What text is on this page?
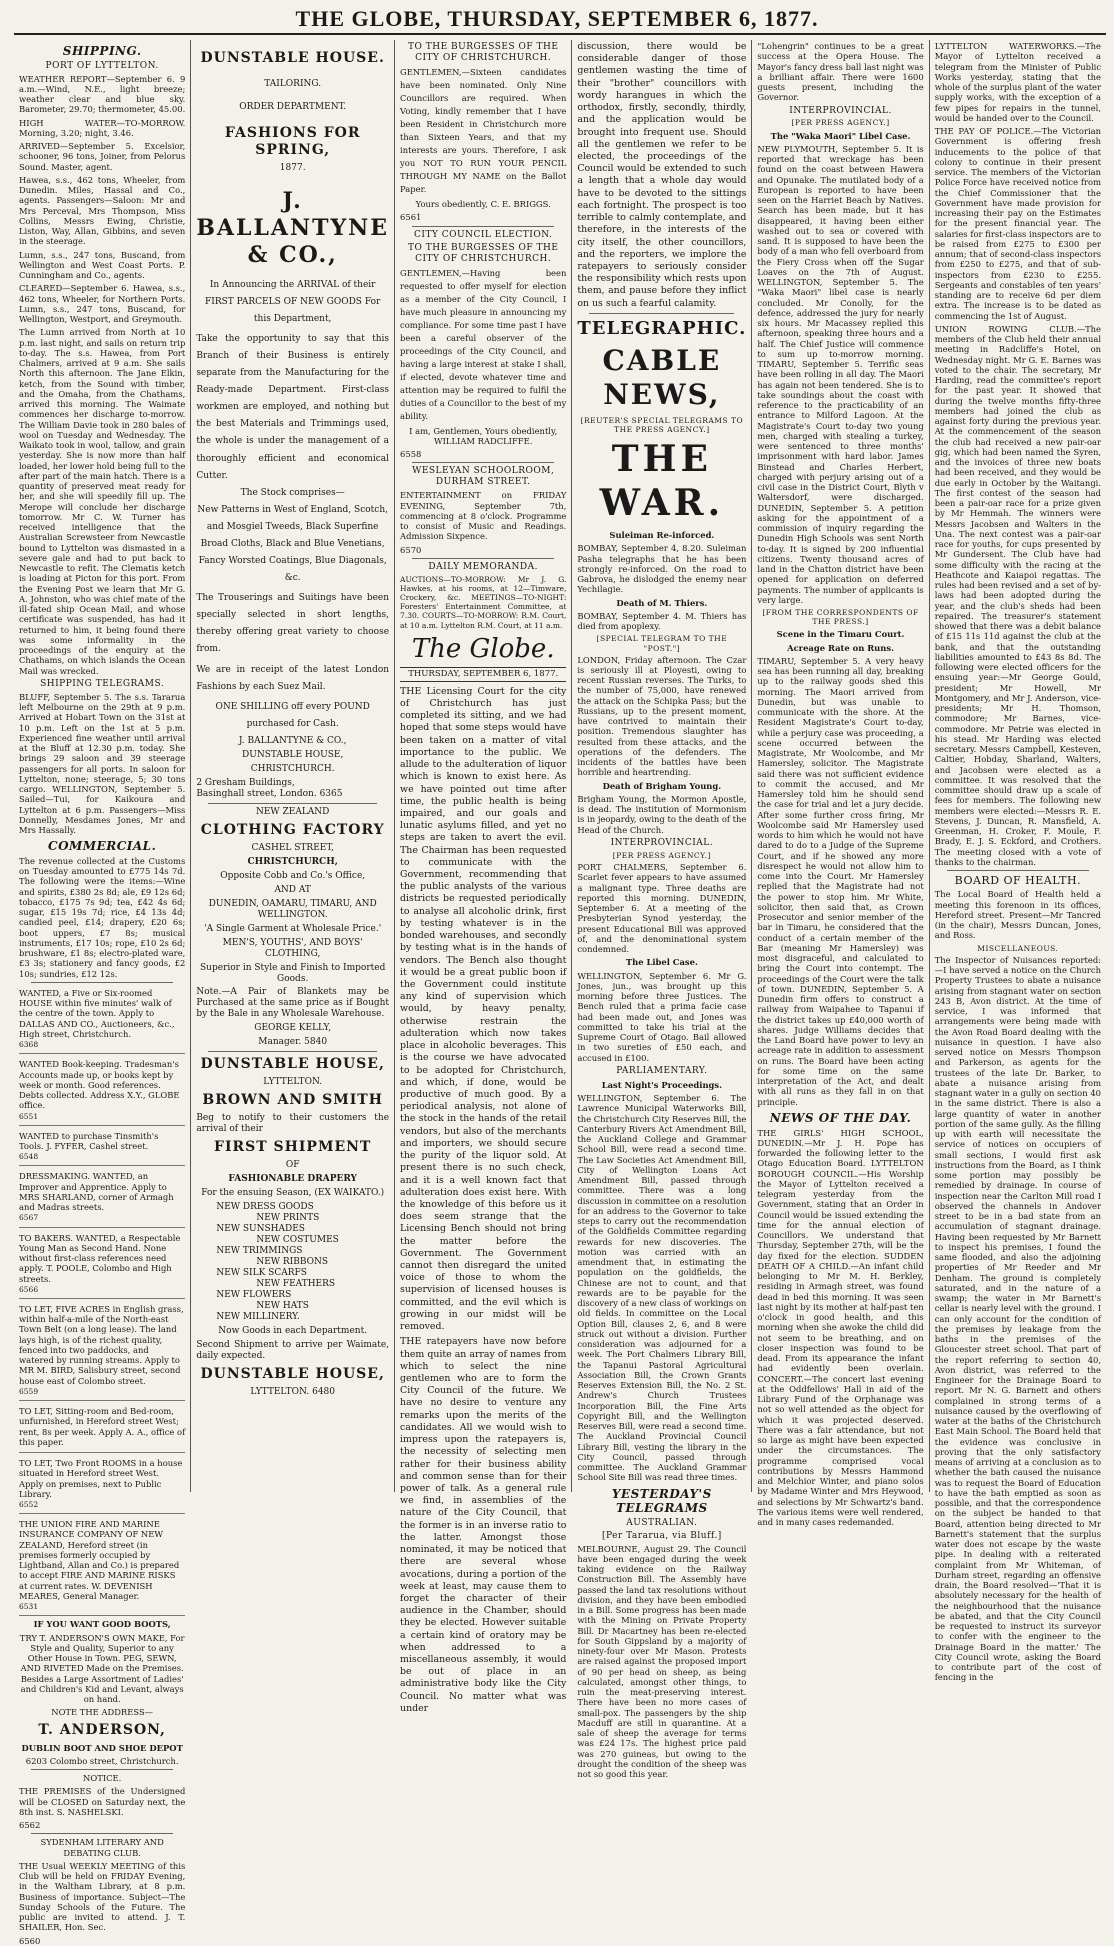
THE GLOBE, THURSDAY, SEPTEMBER 6, 1877.
SHIPPING.
PORT OF LYTTELTON.

WEATHER REPORT—September 6. 9 a.m.—Wind, N.E., light breeze; weather clear and blue sky. Barometer, 29.70; thermometer, 45.00.

HIGH WATER—TO-MORROW. Morning, 3.20; night, 3.46.

ARRIVED—September 5. Excelsior, schooner, 96 tons, Joiner, from Pelorus Sound. Master, agent.

Hawea, s.s., 462 tons, Wheeler, from Dunedin. Miles, Hassal and Co., agents. Passengers—Saloon: Mr and Mrs Perceval, Mrs Thompson, Miss Collins, Messrs Ewing, Christie, Liston, Way, Allan, Gibbins, and seven in the steerage.

Lumn, s.s., 247 tons, Buscand, from Wellington and West Coast Ports. P. Cunningham and Co., agents.

CLEARED—September 6. Hawea, s.s., 462 tons, Wheeler, for Northern Ports. Lumn, s.s., 247 tons, Buscand, for Wellington, Westport, and Greymouth.

The Lumn arrived from North at 10 p.m. last night, and sails on return trip to-day. The s.s. Hawea, from Port Chalmers, arrived at 9 a.m. She sails North this afternoon. The Jane Elkin, ketch, from the Sound with timber, and the Omaha, from the Chathams, arrived this morning. The Waimate commences her discharge to-morrow. The William Davie took in 280 bales of wool on Tuesday and Wednesday. The Waikato took in wool, tallow, and grain yesterday. She is now more than half loaded, her lower hold being full to the after part of the main hatch. There is a quantity of preserved meat ready for her, and she will speedily fill up. The Merope will conclude her discharge tomorrow. Mr C. W. Turner has received intelligence that the Australian Screwsteer from Newcastle bound to Lyttelton was dismasted in a severe gale and had to put back to Newcastle to refit. The Clematis ketch is loading at Picton for this port. From the Evening Post we learn that Mr G. A. Johnston, who was chief mate of the ill-fated ship Ocean Mail, and whose certificate was suspended, has had it returned to him, it being found there was some informality in the proceedings of the enquiry at the Chathams, on which islands the Ocean Mail was wrecked.

SHIPPING TELEGRAMS.

BLUFF, September 5. The s.s. Tararua left Melbourne on the 29th at 9 p.m. Arrived at Hobart Town on the 31st at 10 p.m. Left on the 1st at 5 p.m. Experienced fine weather until arrival at the Bluff at 12.30 p.m. today. She brings 29 saloon and 39 steerage passengers for all ports. In saloon for Lyttelton, none; steerage, 5; 30 tons cargo. WELLINGTON, September 5. Sailed—Tui, for Kaikoura and Lyttelton at 6 p.m. Passengers—Miss Donnelly, Mesdames Jones, Mr and Mrs Hassally.

COMMERCIAL.

The revenue collected at the Customs on Tuesday amounted to £775 14s 7d. The following were the items:—Wine and spirits, £380 2s 8d; ale, £9 12s 6d; tobacco, £175 7s 9d; tea, £42 4s 6d; sugar, £15 19s 7d; rice, £4 13s 4d; candied peel, £14; drapery, £20 6s; boot uppers, £7 8s; musical instruments, £17 10s; rope, £10 2s 6d; brushware, £1 8s; electro-plated ware, £3 3s; stationery and fancy goods, £2 10s; sundries, £12 12s.

WANTED, a Five or Six-roomed HOUSE within five minutes' walk of the centre of the town. Apply to DALLAS AND CO., Auctioneers, &c., High street, Christchurch.
6368
WANTED Book-keeping. Tradesman's Accounts made up, or books kept by week or month. Good references. Debts collected. Address X.Y., GLOBE office.
6551
WANTED to purchase Tinsmith's Tools. J. FYFER, Cashel street.
6548
DRESSMAKING. WANTED, an Improver and Apprentice. Apply to MRS SHARLAND, corner of Armagh and Madras streets.
6567
TO BAKERS. WANTED, a Respectable Young Man as Second Hand. None without first-class references need apply. T. POOLE, Colombo and High streets.
6566
TO LET, FIVE ACRES in English grass, within half-a-mile of the North-east Town Belt (on a long lease). The land lays high, is of the richest quality, fenced into two paddocks, and watered by running streams. Apply to MR M. BIRD, Salisbury street, second house east of Colombo street.
6559
TO LET, Sitting-room and Bed-room, unfurnished, in Hereford street West; rent, 8s per week. Apply A. A., office of this paper.
TO LET, Two Front ROOMS in a house situated in Hereford street West. Apply on premises, next to Public Library.
6552
THE UNION FIRE AND MARINE INSURANCE COMPANY OF NEW ZEALAND, Hereford street (in premises formerly occupied by Lightband, Allan and Co.) is prepared to accept FIRE AND MARINE RISKS at current rates. W. DEVENISH MEARES, General Manager.
6531
IF YOU WANT GOOD BOOTS,

TRY T. ANDERSON'S OWN MAKE, For Style and Quality, Superior to any Other House in Town. PEG, SEWN, AND RIVETED Made on the Premises. Besides a Large Assortment of Ladies' and Children's Kid and Levant, always on hand.

NOTE THE ADDRESS—
T. ANDERSON,
DUBLIN BOOT AND SHOE DEPOT
6203 Colombo street, Christchurch.
NOTICE.

THE PREMISES of the Undersigned will be CLOSED on Saturday next, the 8th inst. S. NASHELSKI.

6562
SYDENHAM LITERARY AND DEBATING CLUB.

THE Usual WEEKLY MEETING of this Club will be held on FRIDAY Evening, in the Waltham Library, at 8 p.m. Business of importance. Subject—The Sunday Schools of the Future. The public are invited to attend. J. T. SHAILER, Hon. Sec.

6560
DUNSTABLE HOUSE.
TAILORING.
ORDER DEPARTMENT.
FASHIONS FOR SPRING,
1877.
J. BALLANTYNE & CO.,

In Announcing the ARRIVAL of their FIRST PARCELS OF NEW GOODS For this Department,

Take the opportunity to say that this Branch of their Business is entirely separate from the Manufacturing for the Ready-made Department. First-class workmen are employed, and nothing but the best Materials and Trimmings used, the whole is under the management of a thoroughly efficient and economical Cutter.

The Stock comprises—

New Patterns in West of England, Scotch, and Mosgiel Tweeds, Black Superfine Broad Cloths, Black and Blue Venetians, Fancy Worsted Coatings, Blue Diagonals, &c.

The Trouserings and Suitings have been specially selected in short lengths, thereby offering great variety to choose from.

We are in receipt of the latest London Fashions by each Suez Mail.

ONE SHILLING off every POUND purchased for Cash.

J. BALLANTYNE & CO.,
DUNSTABLE HOUSE,
CHRISTCHURCH.
2 Gresham Buildings,
Basinghall street, London. 6365
NEW ZEALAND
CLOTHING FACTORY
CASHEL STREET,
CHRISTCHURCH,
Opposite Cobb and Co.'s Office,
AND AT
DUNEDIN, OAMARU, TIMARU, AND WELLINGTON.
'A Single Garment at Wholesale Price.'
MEN'S, YOUTHS', AND BOYS' CLOTHING,
Superior in Style and Finish to Imported Goods.

Note.—A Pair of Blankets may be Purchased at the same price as if Bought by the Bale in any Wholesale Warehouse.

GEORGE KELLY,
Manager. 5840
DUNSTABLE HOUSE,
LYTTELTON.
BROWN AND SMITH

Beg to notify to their customers the arrival of their

FIRST SHIPMENT
OF
FASHIONABLE DRAPERY
For the ensuing Season, (EX WAIKATO.)
NEW DRESS GOODS
NEW PRINTS
NEW SUNSHADES
NEW COSTUMES
NEW TRIMMINGS
NEW RIBBONS
NEW SILK SCARFS
NEW FEATHERS
NEW FLOWERS
NEW HATS
NEW MILLINERY.
Now Goods in each Department.

Second Shipment to arrive per Waimate, daily expected.

DUNSTABLE HOUSE,
LYTTELTON. 6480
TO THE BURGESSES OF THE CITY OF CHRISTCHURCH.

GENTLEMEN,—Sixteen candidates have been nominated. Only Nine Councillors are required. When Voting, kindly remember that I have been Resident in Christchurch more than Sixteen Years, and that my interests are yours. Therefore, I ask you NOT TO RUN YOUR PENCIL THROUGH MY NAME on the Ballot Paper.

Yours obediently, C. E. BRIGGS.

6561
CITY COUNCIL ELECTION.
TO THE BURGESSES OF THE CITY OF CHRISTCHURCH.

GENTLEMEN,—Having been requested to offer myself for election as a member of the City Council, I have much pleasure in announcing my compliance. For some time past I have been a careful observer of the proceedings of the City Council, and having a large interest at stake I shall, if elected, devote whatever time and attention may be required to fulfil the duties of a Councillor to the best of my ability.

I am, Gentlemen, Yours obediently, WILLIAM RADCLIFFE.

6558
WESLEYAN SCHOOLROOM, DURHAM STREET.

ENTERTAINMENT on FRIDAY EVENING, September 7th, commencing at 8 o'clock. Programme to consist of Music and Readings. Admission Sixpence.

6570
DAILY MEMORANDA.

AUCTIONS—TO-MORROW: Mr J. G. Hawkes, at his rooms, at 12—Timware, Crockery, &c. MEETINGS—TO-NIGHT: Foresters' Entertainment Committee, at 7.30. COURTS—TO-MORROW: R.M. Court, at 10 a.m. Lyttelton R.M. Court, at 11 a.m.

The Globe.
THURSDAY, SEPTEMBER 6, 1877.

THE Licensing Court for the city of Christchurch has just completed its sitting, and we had hoped that some steps would have been taken on a matter of vital importance to the public. We allude to the adulteration of liquor which is known to exist here. As we have pointed out time after time, the public health is being impaired, and our goals and lunatic asylums filled, and yet no steps are taken to avert the evil. The Chairman has been requested to communicate with the Government, recommending that the public analysts of the various districts be requested periodically to analyse all alcoholic drink, first by testing whatever is in the bonded warehouses, and secondly by testing what is in the hands of vendors. The Bench also thought it would be a great public boon if the Government could institute any kind of supervision which would, by heavy penalty, otherwise restrain the adulteration which now takes place in alcoholic beverages. This is the course we have advocated to be adopted for Christchurch, and which, if done, would be productive of much good. By a periodical analysis, not alone of the stock in the hands of the retail vendors, but also of the merchants and importers, we should secure the purity of the liquor sold. At present there is no such check, and it is a well known fact that adulteration does exist here. With the knowledge of this before us it does seem strange that the Licensing Bench should not bring the matter before the Government. The Government cannot then disregard the united voice of those to whom the supervision of licensed houses is committed, and the evil which is growing in our midst will be removed.

THE ratepayers have now before them quite an array of names from which to select the nine gentlemen who are to form the City Council of the future. We have no desire to venture any remarks upon the merits of the candidates. All we would wish to impress upon the ratepayers is, the necessity of selecting men rather for their business ability and common sense than for their power of talk. As a general rule we find, in assemblies of the nature of the City Council, that the former is in an inverse ratio to the latter. Amongst those nominated, it may be noticed that there are several whose avocations, during a portion of the week at least, may cause them to forget the character of their audience in the Chamber, should they be elected. However suitable a certain kind of oratory may be when addressed to a miscellaneous assembly, it would be out of place in an administrative body like the City Council. No matter what was under

discussion, there would be considerable danger of those gentlemen wasting the time of their "brother" councillors with wordy harangues in which the orthodox, firstly, secondly, thirdly, and the application would be brought into frequent use. Should all the gentlemen we refer to be elected, the proceedings of the Council would be extended to such a length that a whole day would have to be devoted to the sittings each fortnight. The prospect is too terrible to calmly contemplate, and therefore, in the interests of the city itself, the other councillors, and the reporters, we implore the ratepayers to seriously consider the responsibility which rests upon them, and pause before they inflict on us such a fearful calamity.

TELEGRAPHIC.
CABLE NEWS,
[REUTER'S SPECIAL TELEGRAMS TO THE PRESS AGENCY.]
THE WAR.
Suleiman Re-inforced.

BOMBAY, September 4, 8.20. Suleiman Pasha telegraphs that he has been strongly re-inforced. On the road to Gabrova, he dislodged the enemy near Yechilagie.

Death of M. Thiers.

BOMBAY, September 4. M. Thiers has died from apoplexy.

[SPECIAL TELEGRAM TO THE "POST."]

LONDON, Friday afternoon. The Czar is seriously ill at Ployesti, owing to recent Russian reverses. The Turks, to the number of 75,000, have renewed the attack on the Schipka Pass; but the Russians, up to the present moment, have contrived to maintain their position. Tremendous slaughter has resulted from these attacks, and the operations of the defenders. The incidents of the battles have been horrible and heartrending.

Death of Brigham Young.

Brigham Young, the Mormon Apostle, is dead. The institution of Mormonism is in jeopardy, owing to the death of the Head of the Church.

INTERPROVINCIAL.
[PER PRESS AGENCY.]

PORT CHALMERS, September 6. Scarlet fever appears to have assumed a malignant type. Three deaths are reported this morning. DUNEDIN, September 6. At a meeting of the Presbyterian Synod yesterday, the present Educational Bill was approved of, and the denominational system condemned.

The Libel Case.

WELLINGTON, September 6. Mr G. Jones, jun., was brought up this morning before three Justices. The Bench ruled that a prima facie case had been made out, and Jones was committed to take his trial at the Supreme Court of Otago. Bail allowed in two sureties of £50 each, and accused in £100.

PARLIAMENTARY.
Last Night's Proceedings.

WELLINGTON, September 6. The Lawrence Municipal Waterworks Bill, the Christchurch City Reserves Bill, the Canterbury Rivers Act Amendment Bill, the Auckland College and Grammar School Bill, were read a second time. The Law Societies Act Amendment Bill, City of Wellington Loans Act Amendment Bill, passed through committee. There was a long discussion in committee on a resolution for an address to the Governor to take steps to carry out the recommendation of the Goldfields Committee regarding rewards for new discoveries. The motion was carried with an amendment that, in estimating the population on the goldfields, the Chinese are not to count, and that rewards are to be payable for the discovery of a new class of workings on old fields. In committee on the Local Option Bill, clauses 2, 6, and 8 were struck out without a division. Further consideration was adjourned for a week. The Port Chalmers Library Bill, the Tapanui Pastoral Agricultural Association Bill, the Crown Grants Reserves Extension Bill, the No. 2 St. Andrew's Church Trustees Incorporation Bill, the Fine Arts Copyright Bill, and the Wellington Reserves Bill, were read a second time. The Auckland Provincial Council Library Bill, vesting the library in the City Council, passed through committee. The Auckland Grammar School Site Bill was read three times.

YESTERDAY'S TELEGRAMS
AUSTRALIAN.
[Per Tararua, via Bluff.]

MELBOURNE, August 29. The Council have been engaged during the week taking evidence on the Railway Construction Bill. The Assembly have passed the land tax resolutions without division, and they have been embodied in a Bill. Some progress has been made with the Mining on Private Property Bill. Dr Macartney has been re-elected for South Gippsland by a majority of ninety-four over Mr Mason. Protests are raised against the proposed import of 90 per head on sheep, as being calculated, amongst other things, to ruin the meat-preserving interest. There have been no more cases of small-pox. The passengers by the ship Macduff are still in quarantine. At a sale of sheep the average for terms was £24 17s. The highest price paid was 270 guineas, but owing to the drought the condition of the sheep was not so good this year.

"Lohengrin" continues to be a great success at the Opera House. The Mayor's fancy dress ball last night was a brilliant affair. There were 1600 guests present, including the Governor.

INTERPROVINCIAL.
[PER PRESS AGENCY.]
The "Waka Maori" Libel Case.

NEW PLYMOUTH, September 5. It is reported that wreckage has been found on the coast between Hawera and Opunake. The mutilated body of a European is reported to have been seen on the Harriet Beach by Natives. Search has been made, but it has disappeared, it having been either washed out to sea or covered with sand. It is supposed to have been the body of a man who fell overboard from the Fiery Cross when off the Sugar Loaves on the 7th of August. WELLINGTON, September 5. The "Waka Maori" libel case is nearly concluded. Mr Conolly, for the defence, addressed the jury for nearly six hours. Mr Macassey replied this afternoon, speaking three hours and a half. The Chief Justice will commence to sum up to-morrow morning. TIMARU, September 5. Terrific seas have been rolling in all day. The Maori has again not been tendered. She is to take soundings about the coast with reference to the practicability of an entrance to Milford Lagoon. At the Magistrate's Court to-day two young men, charged with stealing a turkey, were sentenced to three months' imprisonment with hard labor. James Binstead and Charles Herbert, charged with perjury arising out of a civil case in the District Court, Blyth v Waltersdorf, were discharged. DUNEDIN, September 5. A petition asking for the appointment of a commission of inquiry regarding the Dunedin High Schools was sent North to-day. It is signed by 200 influential citizens. Twenty thousand acres of land in the Chatton district have been opened for application on deferred payments. The number of applicants is very large.

[FROM THE CORRESPONDENTS OF THE PRESS.]
Scene in the Timaru Court.
Acreage Rate on Runs.

TIMARU, September 5. A very heavy sea has been running all day, breaking up to the railway goods shed this morning. The Maori arrived from Dunedin, but was unable to communicate with the shore. At the Resident Magistrate's Court to-day, while a perjury case was proceeding, a scene occurred between the Magistrate, Mr Woolcombe, and Mr Hamersley, solicitor. The Magistrate said there was not sufficient evidence to commit the accused, and Mr Hamersley told him he should send the case for trial and let a jury decide. After some further cross firing, Mr Woolcombe said Mr Hamersley used words to him which he would not have dared to do to a Judge of the Supreme Court, and if he showed any more disrespect he would not allow him to come into the Court. Mr Hamersley replied that the Magistrate had not the power to stop him. Mr White, solicitor, then said that, as Crown Prosecutor and senior member of the bar in Timaru, he considered that the conduct of a certain member of the Bar (meaning Mr Hamersley) was most disgraceful, and calculated to bring the Court into contempt. The proceedings of the Court were the talk of town. DUNEDIN, September 5. A Dunedin firm offers to construct a railway from Waipahee to Tapanui if the district takes up £40,000 worth of shares. Judge Williams decides that the Land Board have power to levy an acreage rate in addition to assessment on runs. The Board have been acting for some time on the same interpretation of the Act, and dealt with all runs as they fall in on that principle.

NEWS OF THE DAY.

THE GIRLS' HIGH SCHOOL, DUNEDIN.—Mr J. H. Pope has forwarded the following letter to the Otago Education Board. LYTTELTON BOROUGH COUNCIL.—His Worship the Mayor of Lyttelton received a telegram yesterday from the Government, stating that an Order in Council would be issued extending the time for the annual election of Councillors. We understand that Thursday, September 27th, will be the day fixed for the election. SUDDEN DEATH OF A CHILD.—An infant child belonging to Mr M. H. Berkley, residing in Armagh street, was found dead in bed this morning. It was seen last night by its mother at half-past ten o'clock in good health, and this morning when she awoke the child did not seem to be breathing, and on closer inspection was found to be dead. From its appearance the infant had evidently been overlain. CONCERT.—The concert last evening at the Oddfellows' Hall in aid of the Library Fund of the Orphanage was not so well attended as the object for which it was projected deserved. There was a fair attendance, but not so large as might have been expected under the circumstances. The programme comprised vocal contributions by Messrs Hammond and Melchior Winter, and piano solos by Madame Winter and Mrs Heywood, and selections by Mr Schwartz's band. The various items were well rendered, and in many cases redemanded.

LYTTELTON WATERWORKS.—The Mayor of Lyttelton received a telegram from the Minister of Public Works yesterday, stating that the whole of the surplus plant of the water supply works, with the exception of a few pipes for repairs in the tunnel, would be handed over to the Council.

THE PAY OF POLICE.—The Victorian Government is offering fresh inducements to the police of that colony to continue in their present service. The members of the Victorian Police Force have received notice from the Chief Commissioner that the Government have made provision for increasing their pay on the Estimates for the present financial year. The salaries for first-class inspectors are to be raised from £275 to £300 per annum; that of second-class inspectors from £250 to £275, and that of sub-inspectors from £230 to £255. Sergeants and constables of ten years' standing are to receive 6d per diem extra. The increase is to be dated as commencing the 1st of August.

UNION ROWING CLUB.—The members of the Club held their annual meeting in Radcliffe's Hotel, on Wednesday night. Mr G. E. Barnes was voted to the chair. The secretary, Mr Harding, read the committee's report for the past year. It showed that during the twelve months fifty-three members had joined the club as against forty during the previous year. At the commencement of the season the club had received a new pair-oar gig, which had been named the Syren, and the invoices of three new boats had been received, and they would be due early in October by the Waitangi. The first contest of the season had been a pair-oar race for a prize given by Mr Hemmah. The winners were Messrs Jacobsen and Walters in the Una. The next contest was a pair-oar race for youths, for cups presented by Mr Gundersent. The Club have had some difficulty with the racing at the Heathcote and Kaiapoi regattas. The rules had been revised and a set of by-laws had been adopted during the year, and the club's sheds had been repaired. The treasurer's statement showed that there was a debit balance of £15 11s 11d against the club at the bank, and that the outstanding liabilities amounted to £43 8s 8d. The following were elected officers for the ensuing year:—Mr George Gould, president; Mr Howell, Mr Montgomery, and Mr J. Anderson, vice-presidents; Mr H. Thomson, commodore; Mr Barnes, vice-commodore. Mr Petrie was elected in his stead. Mr Harding was elected secretary. Messrs Campbell, Kesteven, Caltier, Hobday, Sharland, Walters, and Jacobsen were elected as a committee. It was resolved that the committee should draw up a scale of fees for members. The following new members were elected:—Messrs R. E. Stevens, J. Duncan, R. Mansfield, A. Greenman, H. Croker, F. Moule, F. Brady, E. J. S. Eckford, and Crothers. The meeting closed with a vote of thanks to the chairman.

BOARD OF HEALTH.

The Local Board of Health held a meeting this forenoon in its offices, Hereford street. Present—Mr Tancred (in the chair), Messrs Duncan, Jones, and Ross.

MISCELLANEOUS.

The Inspector of Nuisances reported:—I have served a notice on the Church Property Trustees to abate a nuisance arising from stagnant water on section 243 B, Avon district. At the time of service, I was informed that arrangements were being made with the Avon Road Board dealing with the nuisance in question. I have also served notice on Messrs Thompson and Parkerson, as agents for the trustees of the late Dr. Barker, to abate a nuisance arising from stagnant water in a gully on section 40 in the same district. There is also a large quantity of water in another portion of the same gully. As the filling up with earth will necessitate the service of notices on occupiers of small sections, I would first ask instructions from the Board, as I think some portion may possibly be remedied by drainage. In course of inspection near the Carlton Mill road I observed the channels in Andover street to be in a bad state from an accumulation of stagnant drainage. Having been requested by Mr Barnett to inspect his premises, I found the same flooded, and also the adjoining properties of Mr Reeder and Mr Denham. The ground is completely saturated, and in the nature of a swamp; the water in Mr Barnett's cellar is nearly level with the ground. I can only account for the condition of the premises by leakage from the baths in the premises of the Gloucester street school. That part of the report referring to section 40, Avon district, was referred to the Engineer for the Drainage Board to report. Mr N. G. Barnett and others complained in strong terms of a nuisance caused by the overflowing of water at the baths of the Christchurch East Main School. The Board held that the evidence was conclusive in proving that the only satisfactory means of arriving at a conclusion as to whether the bath caused the nuisance was to request the Board of Education to have the bath emptied as soon as possible, and that the correspondence on the subject be handed to that Board, attention being directed to Mr Barnett's statement that the surplus water does not escape by the waste pipe. In dealing with a reiterated complaint from Mr Whiteman, of Durham street, regarding an offensive drain, the Board resolved—'That it is absolutely necessary for the health of the neighbourhood that the nuisance be abated, and that the City Council be requested to instruct its surveyor to confer with the engineer to the Drainage Board in the matter.' The City Council wrote, asking the Board to contribute part of the cost of fencing in the
